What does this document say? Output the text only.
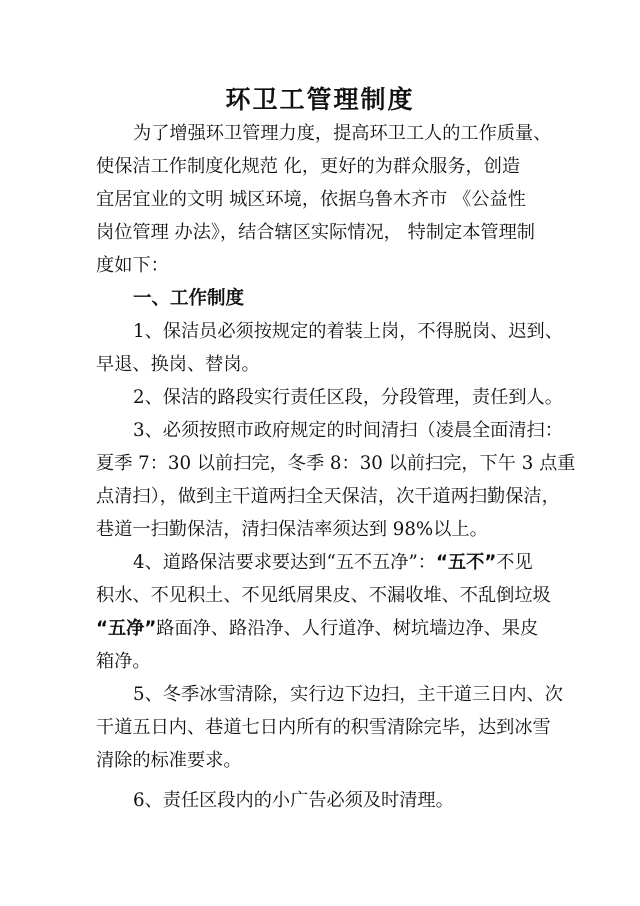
环卫工管理制度
为了增强环卫管理力度，提高环卫工人的工作质量、
使保洁工作制度化规范 化，更好的为群众服务，创造
宜居宜业的文明 城区环境，依据乌鲁木齐市 《公益性
岗位管理 办法》，结合辖区实际情况， 特制定本管理制
度如下：
一、工作制度
1、保洁员必须按规定的着装上岗，不得脱岗、迟到、
早退、换岗、替岗。
2、保洁的路段实行责任区段，分段管理，责任到人。
3、必须按照市政府规定的时间清扫（凌晨全面清扫：
夏季 7：30 以前扫完，冬季 8：30 以前扫完，下午 3 点重
点清扫），做到主干道两扫全天保洁，次干道两扫勤保洁，
巷道一扫勤保洁，清扫保洁率须达到 98%以上。
4、道路保洁要求要达到“五不五净”：“五不”不见
积水、不见积土、不见纸屑果皮、不漏收堆、不乱倒垃圾
“五净”路面净、路沿净、人行道净、树坑墙边净、果皮
箱净。
5、冬季冰雪清除，实行边下边扫，主干道三日内、次
干道五日内、巷道七日内所有的积雪清除完毕，达到冰雪
清除的标准要求。
6、责任区段内的小广告必须及时清理。
